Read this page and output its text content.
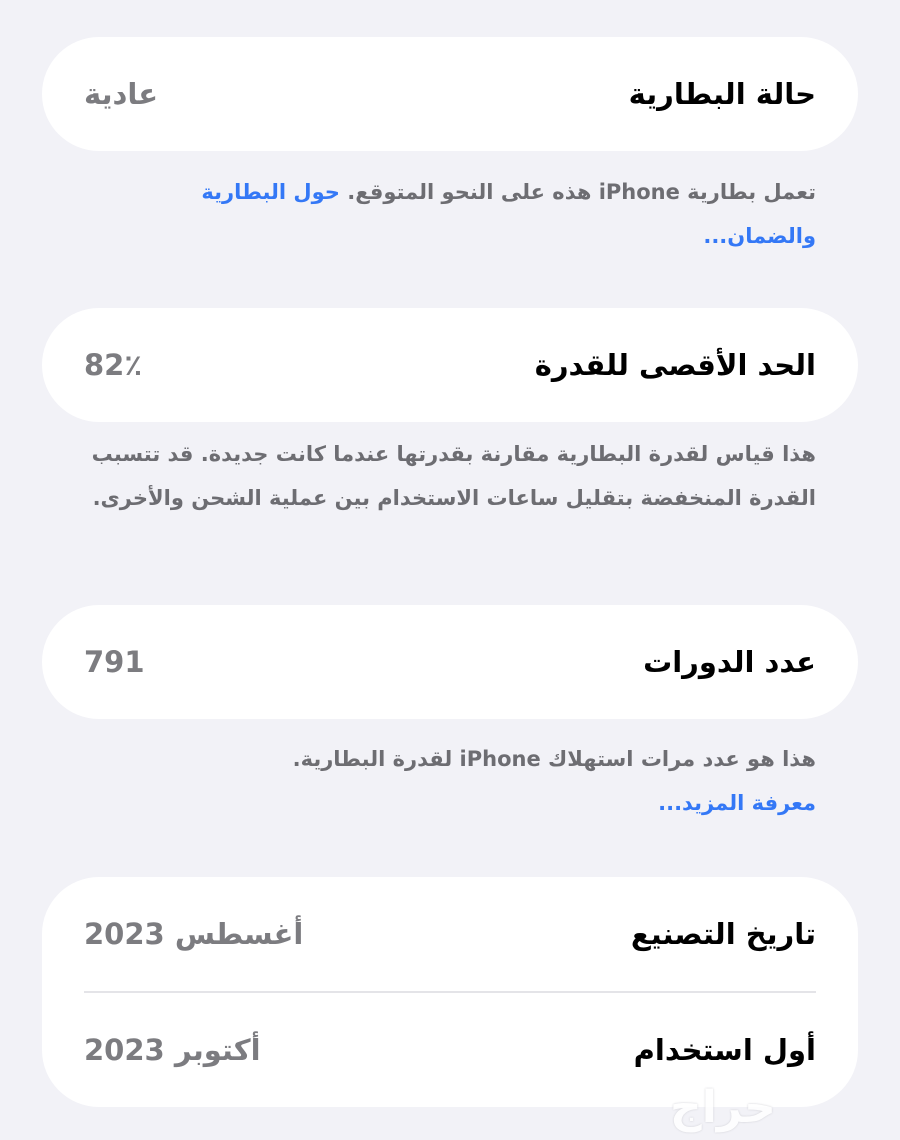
حالة البطارية
عادية
تعمل بطارية iPhone هذه على النحو المتوقع. حول البطارية والضمان...
الحد الأقصى للقدرة
82٪
هذا قياس لقدرة البطارية مقارنة بقدرتها عندما كانت جديدة. قد تتسبب القدرة المنخفضة بتقليل ساعات الاستخدام بين عملية الشحن والأخرى.
عدد الدورات
791
هذا هو عدد مرات استهلاك iPhone لقدرة البطارية.
معرفة المزيد...
تاريخ التصنيع
أغسطس 2023
أول استخدام
أكتوبر 2023
حراج
